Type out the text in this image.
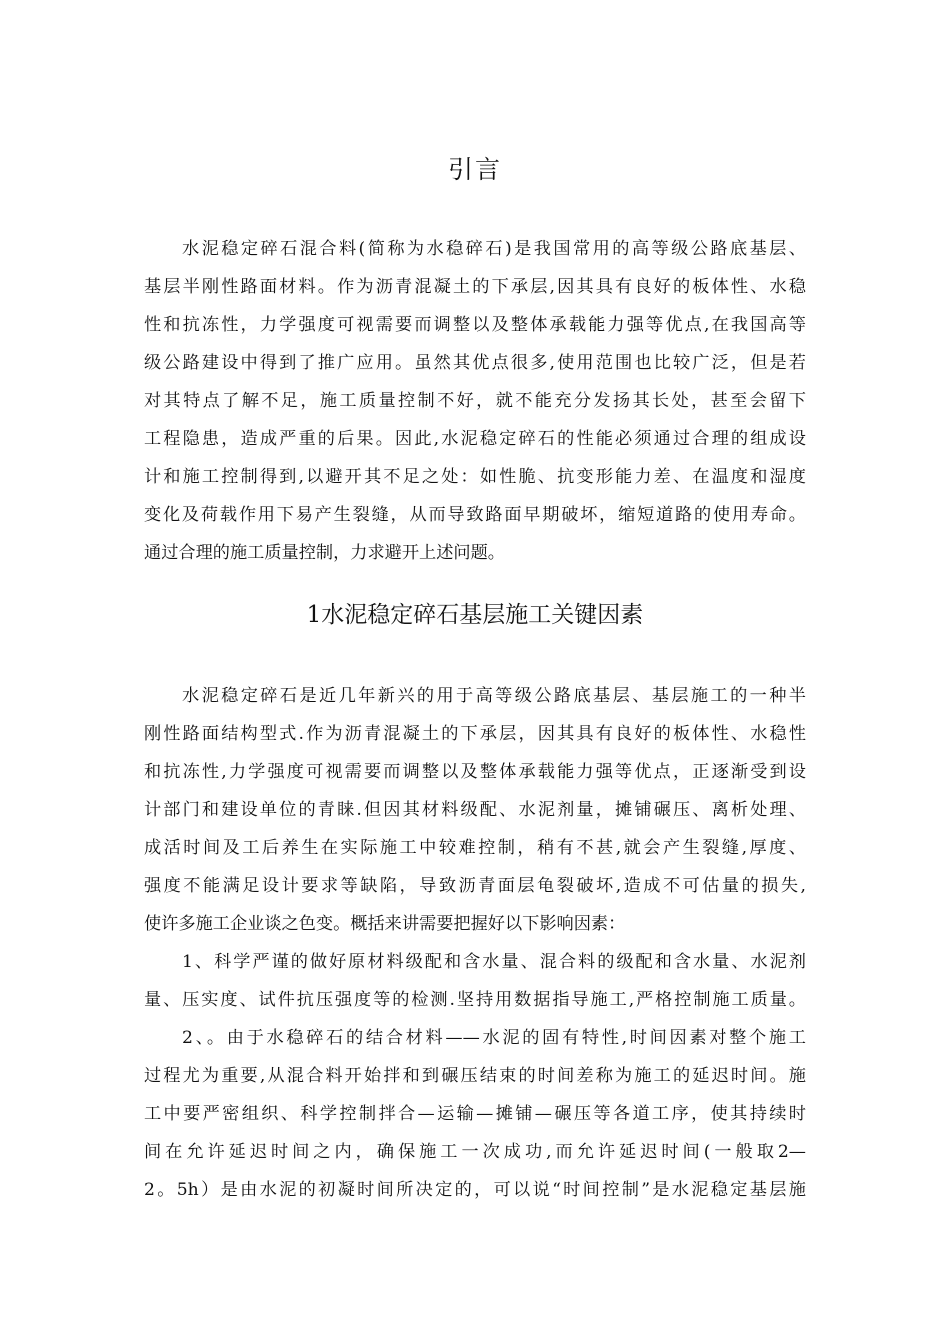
引言
水泥稳定碎石混合料(简称为水稳碎石)是我国常用的高等级公路底基层、
基层半刚性路面材料。作为沥青混凝土的下承层,因其具有良好的板体性、水稳
性和抗冻性，力学强度可视需要而调整以及整体承载能力强等优点,在我国高等
级公路建设中得到了推广应用。虽然其优点很多,使用范围也比较广泛，但是若
对其特点了解不足，施工质量控制不好，就不能充分发扬其长处，甚至会留下
工程隐患，造成严重的后果。因此,水泥稳定碎石的性能必须通过合理的组成设
计和施工控制得到,以避开其不足之处：如性脆、抗变形能力差、在温度和湿度
变化及荷载作用下易产生裂缝，从而导致路面早期破坏，缩短道路的使用寿命。
通过合理的施工质量控制，力求避开上述问题。
1水泥稳定碎石基层施工关键因素
水泥稳定碎石是近几年新兴的用于高等级公路底基层、基层施工的一种半
刚性路面结构型式.作为沥青混凝土的下承层，因其具有良好的板体性、水稳性
和抗冻性,力学强度可视需要而调整以及整体承载能力强等优点，正逐渐受到设
计部门和建设单位的青睐.但因其材料级配、水泥剂量，摊铺碾压、离析处理、
成活时间及工后养生在实际施工中较难控制，稍有不甚,就会产生裂缝,厚度、
强度不能满足设计要求等缺陷，导致沥青面层龟裂破坏,造成不可估量的损失,
使许多施工企业谈之色变。概括来讲需要把握好以下影响因素：
1、科学严谨的做好原材料级配和含水量、混合料的级配和含水量、水泥剂
量、压实度、试件抗压强度等的检测.坚持用数据指导施工,严格控制施工质量。
2、。由于水稳碎石的结合材料——水泥的固有特性,时间因素对整个施工
过程尤为重要,从混合料开始拌和到碾压结束的时间差称为施工的延迟时间。施
工中要严密组织、科学控制拌合—运输—摊铺—碾压等各道工序，使其持续时
间在允许延迟时间之内，确保施工一次成功,而允许延迟时间(一般取2—
2。5h）是由水泥的初凝时间所决定的，可以说“时间控制”是水泥稳定基层施
